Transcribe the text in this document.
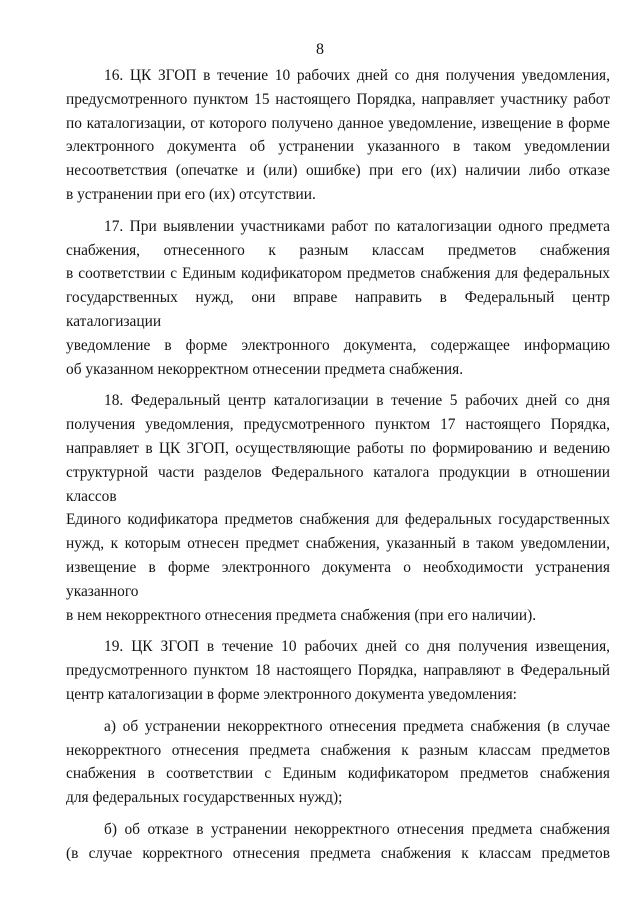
8

16. ЦК ЗГОП в течение 10 рабочих дней со дня получения уведомления,

предусмотренного пунктом 15 настоящего Порядка, направляет участнику работ

по каталогизации, от которого получено данное уведомление, извещение в форме

электронного документа об устранении указанного в таком уведомлении

несоответствия (опечатке и (или) ошибке) при его (их) наличии либо отказе

в устранении при его (их) отсутствии.

17. При выявлении участниками работ по каталогизации одного предмета

снабжения, отнесенного к разным классам предметов снабжения

в соответствии с Единым кодификатором предметов снабжения для федеральных

государственных нужд, они вправе направить в Федеральный центр каталогизации

уведомление в форме электронного документа, содержащее информацию

об указанном некорректном отнесении предмета снабжения.

18. Федеральный центр каталогизации в течение 5 рабочих дней со дня

получения уведомления, предусмотренного пунктом 17 настоящего Порядка,

направляет в ЦК ЗГОП, осуществляющие работы по формированию и ведению

структурной части разделов Федерального каталога продукции в отношении классов

Единого кодификатора предметов снабжения для федеральных государственных

нужд, к которым отнесен предмет снабжения, указанный в таком уведомлении,

извещение в форме электронного документа о необходимости устранения указанного

в нем некорректного отнесения предмета снабжения (при его наличии).

19. ЦК ЗГОП в течение 10 рабочих дней со дня получения извещения,

предусмотренного пунктом 18 настоящего Порядка, направляют в Федеральный

центр каталогизации в форме электронного документа уведомления:

а) об устранении некорректного отнесения предмета снабжения (в случае

некорректного отнесения предмета снабжения к разным классам предметов

снабжения в соответствии с Единым кодификатором предметов снабжения

для федеральных государственных нужд);

б) об отказе в устранении некорректного отнесения предмета снабжения

(в случае корректного отнесения предмета снабжения к классам предметов
